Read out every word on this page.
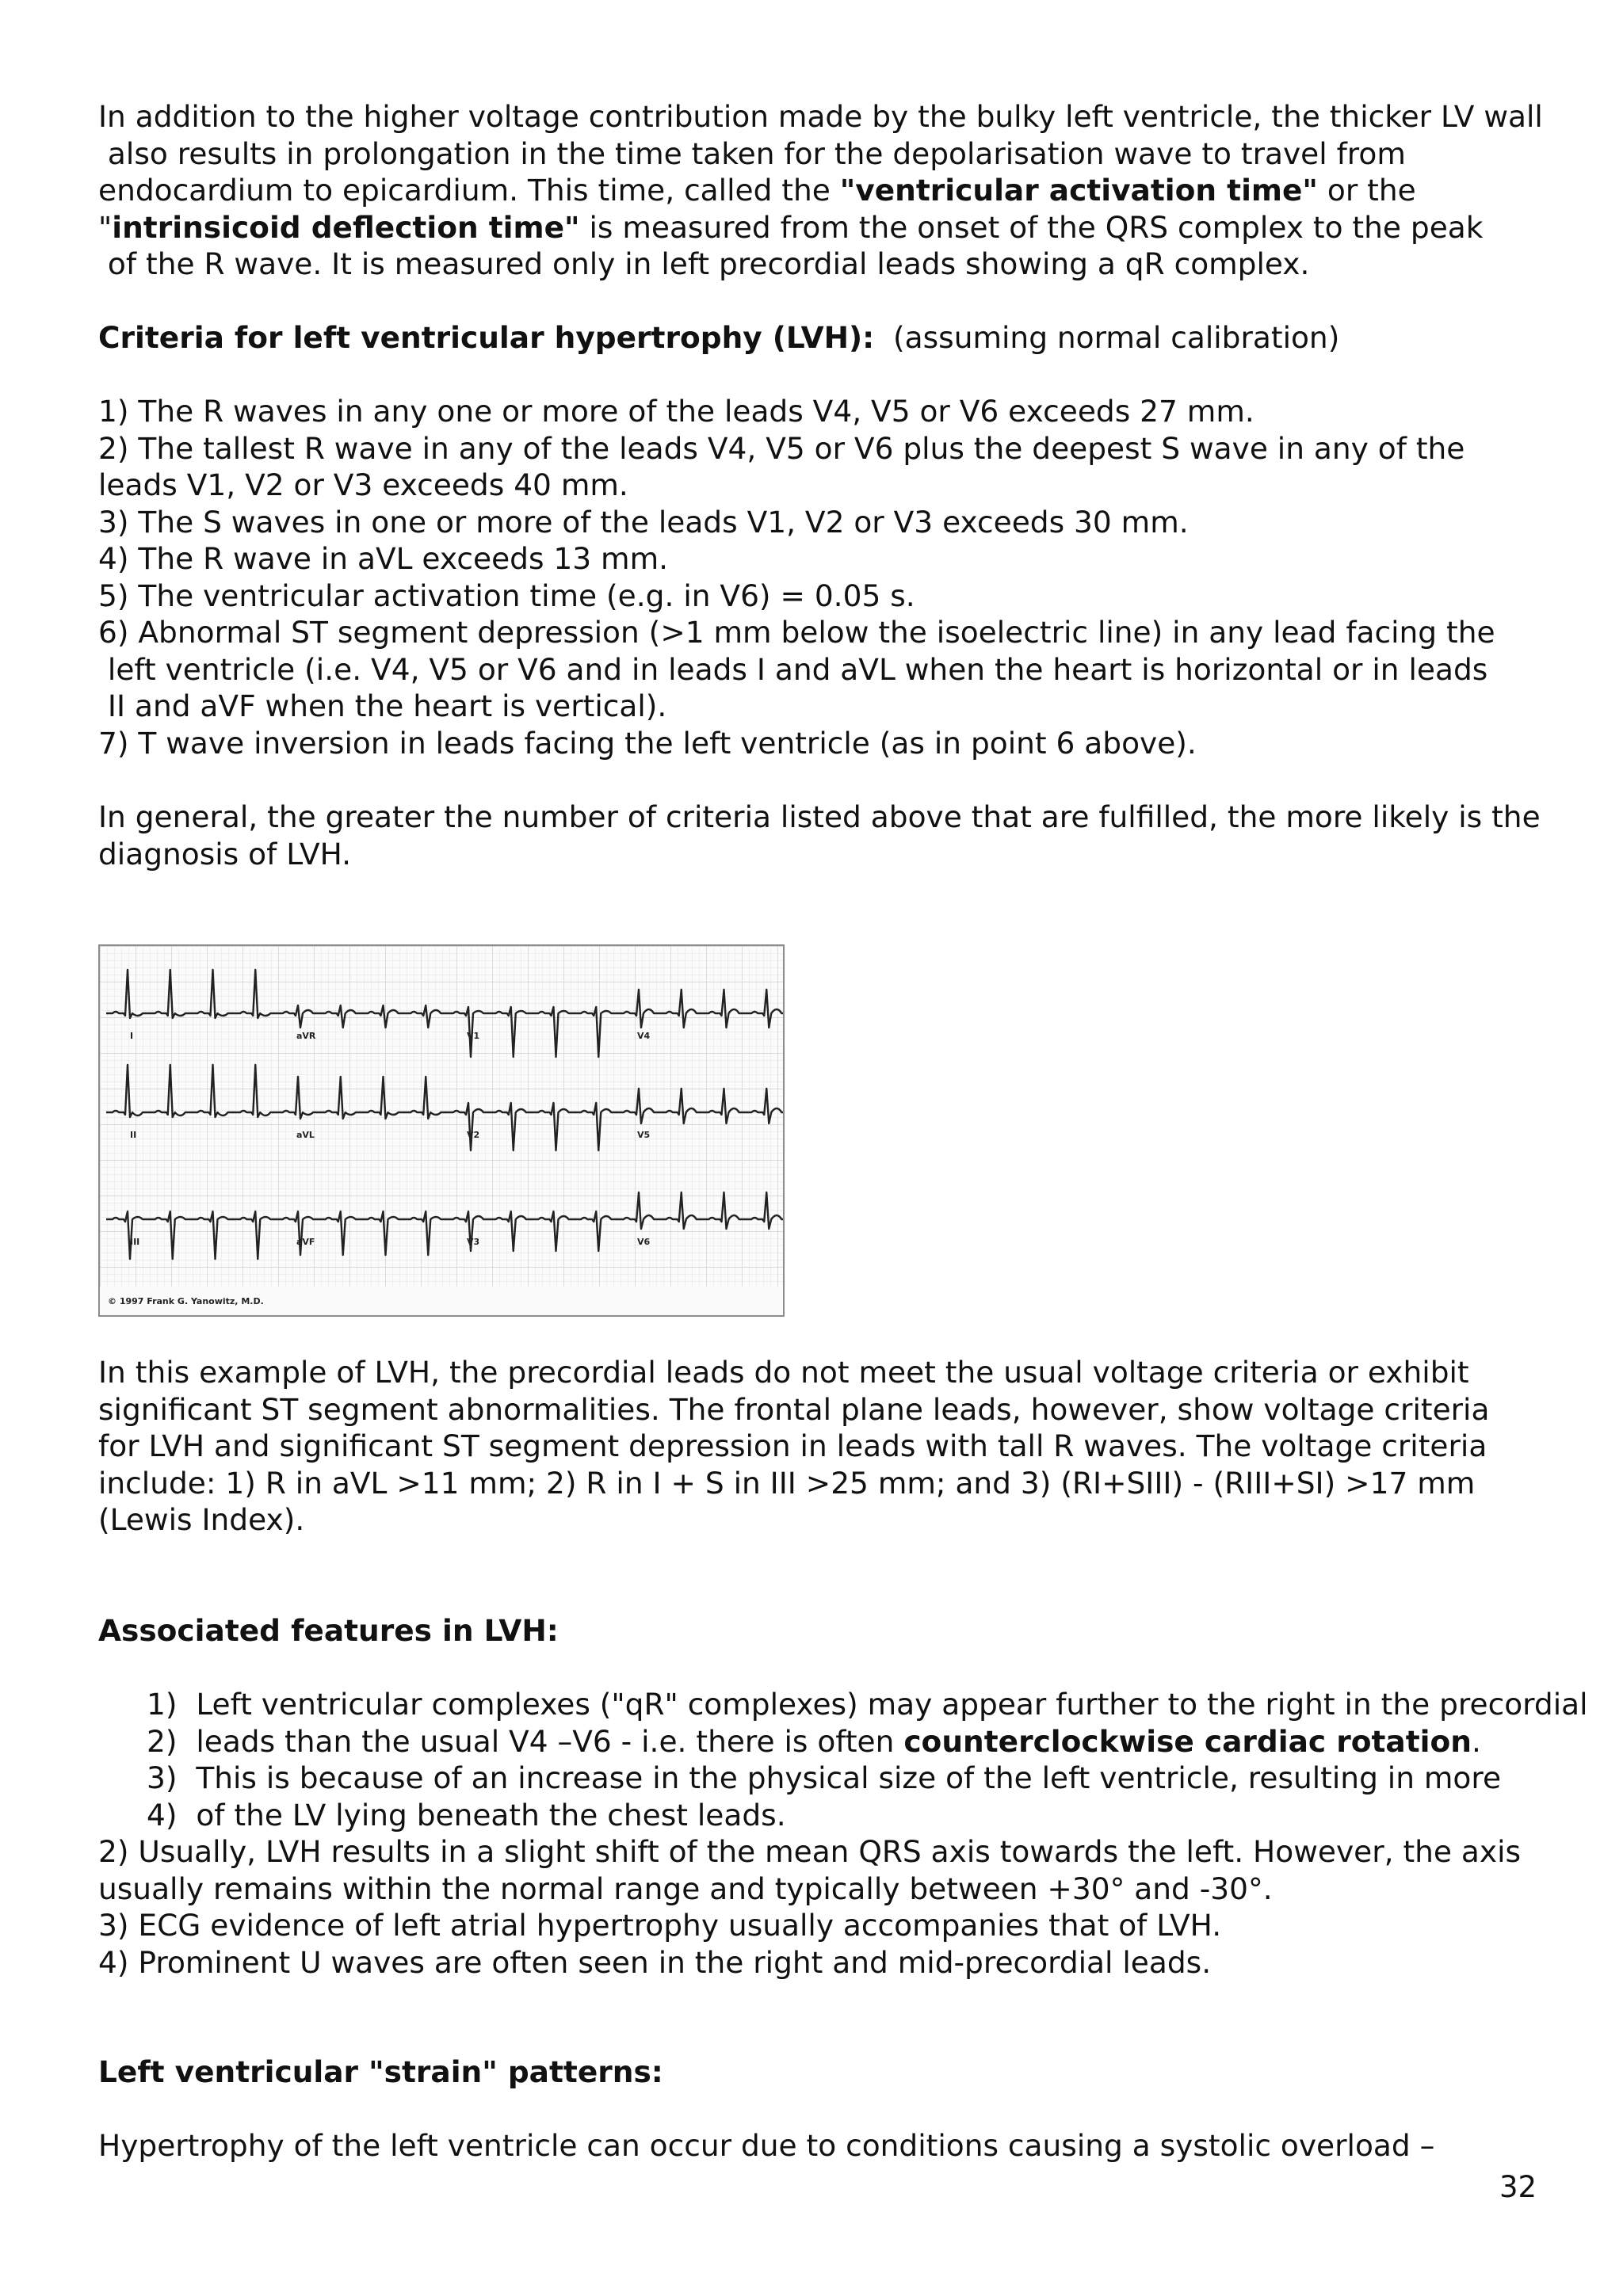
In addition to the higher voltage contribution made by the bulky left ventricle, the thicker LV wall
also results in prolongation in the time taken for the depolarisation wave to travel from
endocardium to epicardium. This time, called the "ventricular activation time" or the
"intrinsicoid deflection time" is measured from the onset of the QRS complex to the peak
of the R wave. It is measured only in left precordial leads showing a qR complex.
Criteria for left ventricular hypertrophy (LVH):  (assuming normal calibration)
1) The R waves in any one or more of the leads V4, V5 or V6 exceeds 27 mm.
2) The tallest R wave in any of the leads V4, V5 or V6 plus the deepest S wave in any of the
leads V1, V2 or V3 exceeds 40 mm.
3) The S waves in one or more of the leads V1, V2 or V3 exceeds 30 mm.
4) The R wave in aVL exceeds 13 mm.
5) The ventricular activation time (e.g. in V6) = 0.05 s.
6) Abnormal ST segment depression (>1 mm below the isoelectric line) in any lead facing the
left ventricle (i.e. V4, V5 or V6 and in leads I and aVL when the heart is horizontal or in leads
II and aVF when the heart is vertical).
7) T wave inversion in leads facing the left ventricle (as in point 6 above).
In general, the greater the number of criteria listed above that are fulfilled, the more likely is the
diagnosis of LVH.
I	aVR	V1	V4
II	aVL	V2	V5
III	aVF	V3	V6
© 1997 Frank G. Yanowitz, M.D.
In this example of LVH, the precordial leads do not meet the usual voltage criteria or exhibit
significant ST segment abnormalities. The frontal plane leads, however, show voltage criteria
for LVH and significant ST segment depression in leads with tall R waves. The voltage criteria
include: 1) R in aVL >11 mm; 2) R in I + S in III >25 mm; and 3) (RI+SIII) - (RIII+SI) >17 mm
(Lewis Index).
Associated features in LVH:
1)  Left ventricular complexes ("qR" complexes) may appear further to the right in the precordial
2)  leads than the usual V4 –V6 - i.e. there is often counterclockwise cardiac rotation.
3)  This is because of an increase in the physical size of the left ventricle, resulting in more
4)  of the LV lying beneath the chest leads.
2) Usually, LVH results in a slight shift of the mean QRS axis towards the left. However, the axis
usually remains within the normal range and typically between +30° and -30°.
3) ECG evidence of left atrial hypertrophy usually accompanies that of LVH.
4) Prominent U waves are often seen in the right and mid-precordial leads.
Left ventricular "strain" patterns:
Hypertrophy of the left ventricle can occur due to conditions causing a systolic overload –
32
